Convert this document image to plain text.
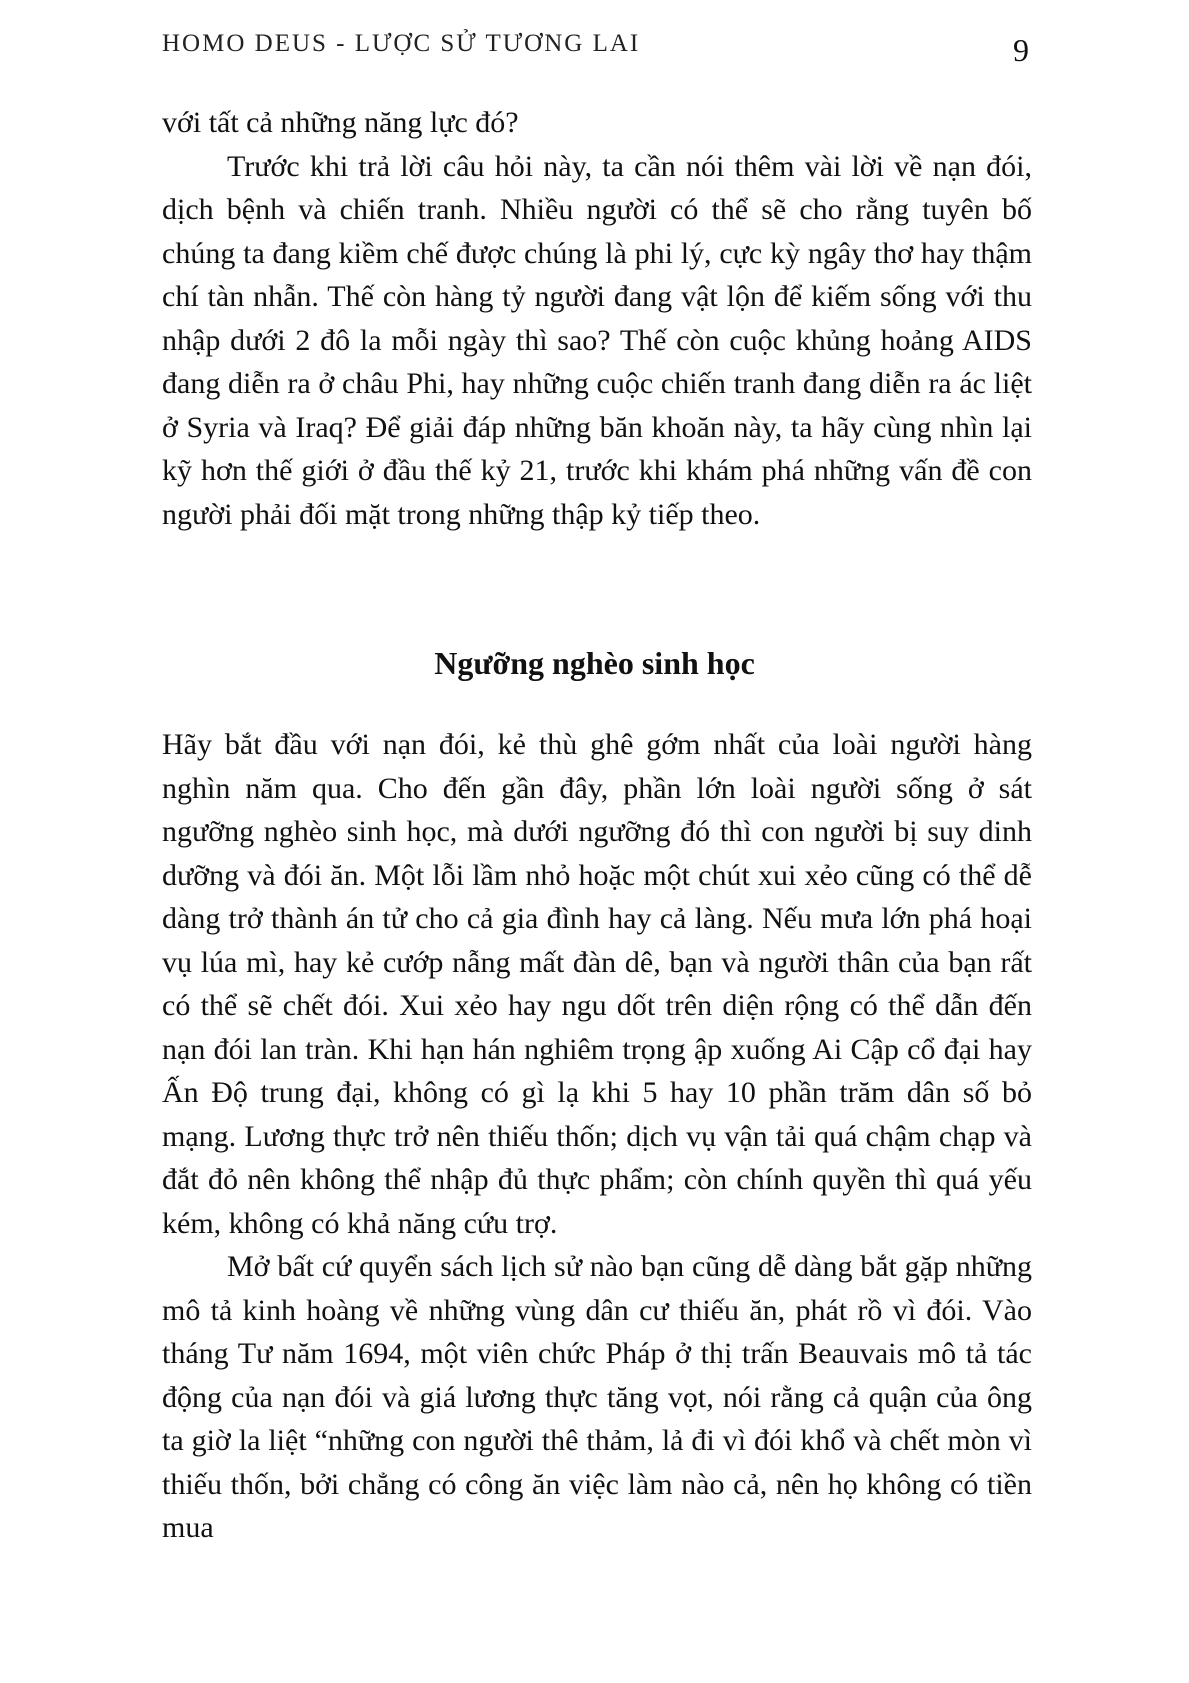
HOMO DEUS - LƯỢC SỬ TƯƠNG LAI	9

với tất cả những năng lực đó?

Trước khi trả lời câu hỏi này, ta cần nói thêm vài lời về nạn đói, dịch bệnh và chiến tranh. Nhiều người có thể sẽ cho rằng tuyên bố chúng ta đang kiềm chế được chúng là phi lý, cực kỳ ngây thơ hay thậm chí tàn nhẫn. Thế còn hàng tỷ người đang vật lộn để kiếm sống với thu nhập dưới 2 đô la mỗi ngày thì sao? Thế còn cuộc khủng hoảng AIDS đang diễn ra ở châu Phi, hay những cuộc chiến tranh đang diễn ra ác liệt ở Syria và Iraq? Để giải đáp những băn khoăn này, ta hãy cùng nhìn lại kỹ hơn thế giới ở đầu thế kỷ 21, trước khi khám phá những vấn đề con người phải đối mặt trong những thập kỷ tiếp theo.

Ngưỡng nghèo sinh học

Hãy bắt đầu với nạn đói, kẻ thù ghê gớm nhất của loài người hàng nghìn năm qua. Cho đến gần đây, phần lớn loài người sống ở sát ngưỡng nghèo sinh học, mà dưới ngưỡng đó thì con người bị suy dinh dưỡng và đói ăn. Một lỗi lầm nhỏ hoặc một chút xui xẻo cũng có thể dễ dàng trở thành án tử cho cả gia đình hay cả làng. Nếu mưa lớn phá hoại vụ lúa mì, hay kẻ cướp nẫng mất đàn dê, bạn và người thân của bạn rất có thể sẽ chết đói. Xui xẻo hay ngu dốt trên diện rộng có thể dẫn đến nạn đói lan tràn. Khi hạn hán nghiêm trọng ập xuống Ai Cập cổ đại hay Ấn Độ trung đại, không có gì lạ khi 5 hay 10 phần trăm dân số bỏ mạng. Lương thực trở nên thiếu thốn; dịch vụ vận tải quá chậm chạp và đắt đỏ nên không thể nhập đủ thực phẩm; còn chính quyền thì quá yếu kém, không có khả năng cứu trợ.

Mở bất cứ quyển sách lịch sử nào bạn cũng dễ dàng bắt gặp những mô tả kinh hoàng về những vùng dân cư thiếu ăn, phát rồ vì đói. Vào tháng Tư năm 1694, một viên chức Pháp ở thị trấn Beauvais mô tả tác động của nạn đói và giá lương thực tăng vọt, nói rằng cả quận của ông ta giờ la liệt “những con người thê thảm, lả đi vì đói khổ và chết mòn vì thiếu thốn, bởi chẳng có công ăn việc làm nào cả, nên họ không có tiền mua
